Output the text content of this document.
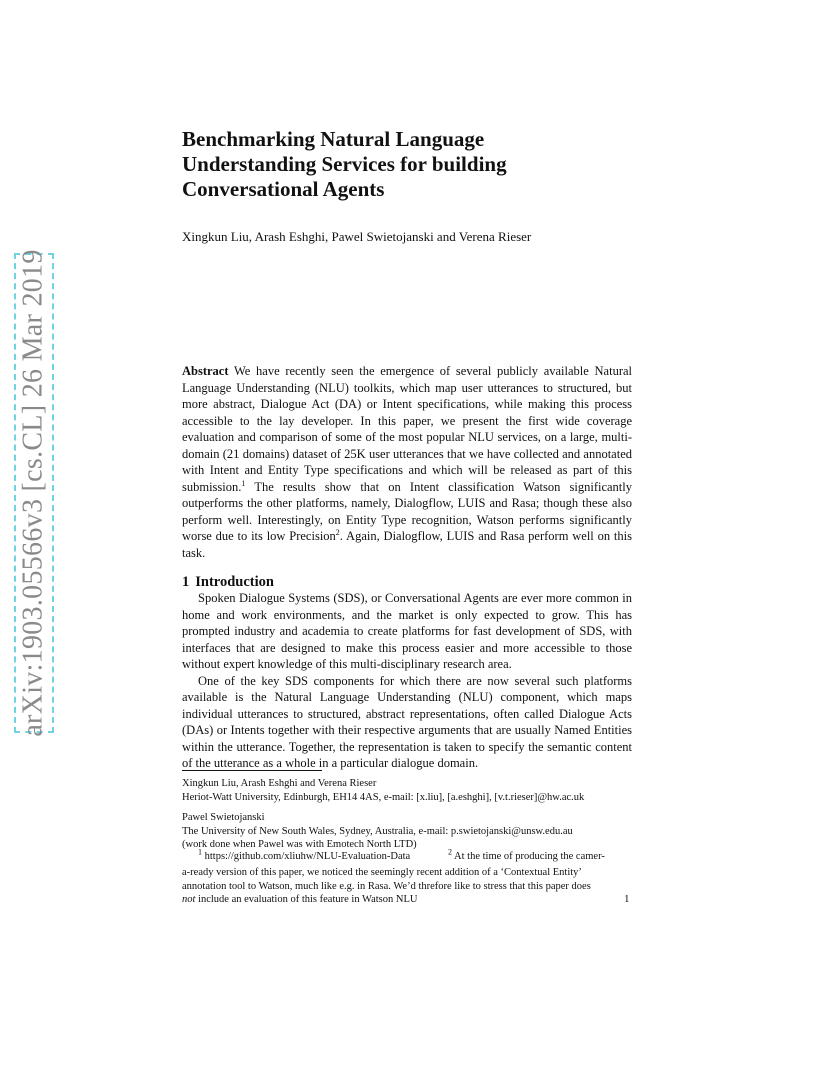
arXiv:1903.05566v3 [cs.CL] 26 Mar 2019
Benchmarking Natural Language
Understanding Services for building
Conversational Agents
Xingkun Liu, Arash Eshghi, Pawel Swietojanski and Verena Rieser

Abstract We have recently seen the emergence of several publicly available Natural Language Understanding (NLU) toolkits, which map user utterances to structured, but more abstract, Dialogue Act (DA) or Intent specifications, while making this process accessible to the lay developer. In this paper, we present the first wide coverage evaluation and comparison of some of the most popular NLU services, on a large, multi-domain (21 domains) dataset of 25K user utterances that we have collected and annotated with Intent and Entity Type specifications and which will be released as part of this submission.$^1$ The results show that on Intent classification Watson significantly outperforms the other platforms, namely, Dialogflow, LUIS and Rasa; though these also perform well. Interestingly, on Entity Type recognition, Watson performs significantly worse due to its low Precision$^2$. Again, Dialogflow, LUIS and Rasa perform well on this task.

1 Introduction

Spoken Dialogue Systems (SDS), or Conversational Agents are ever more common in home and work environments, and the market is only expected to grow. This has prompted industry and academia to create platforms for fast development of SDS, with interfaces that are designed to make this process easier and more accessible to those without expert knowledge of this multi-disciplinary research area.

One of the key SDS components for which there are now several such platforms available is the Natural Language Understanding (NLU) component, which maps individual utterances to structured, abstract representations, often called Dialogue Acts (DAs) or Intents together with their respective arguments that are usually Named Entities within the utterance. Together, the representation is taken to specify the semantic content of the utterance as a whole in a particular dialogue domain.

Xingkun Liu, Arash Eshghi and Verena Rieser
Heriot-Watt University, Edinburgh, EH14 4AS, e-mail: [x.liu], [a.eshghi], [v.t.rieser]@hw.ac.uk
Pawel Swietojanski
The University of New South Wales, Sydney, Australia, e-mail: p.swietojanski@unsw.edu.au
(work done when Pawel was with Emotech North LTD)
$^1$ https://github.com/xliuhw/NLU-Evaluation-Data	$^2$ At the time of producing the camer-
a-ready version of this paper, we noticed the seemingly recent addition of a ‘Contextual Entity’
annotation tool to Watson, much like e.g. in Rasa. We’d threfore like to stress that this paper does
not include an evaluation of this feature in Watson NLU	1
